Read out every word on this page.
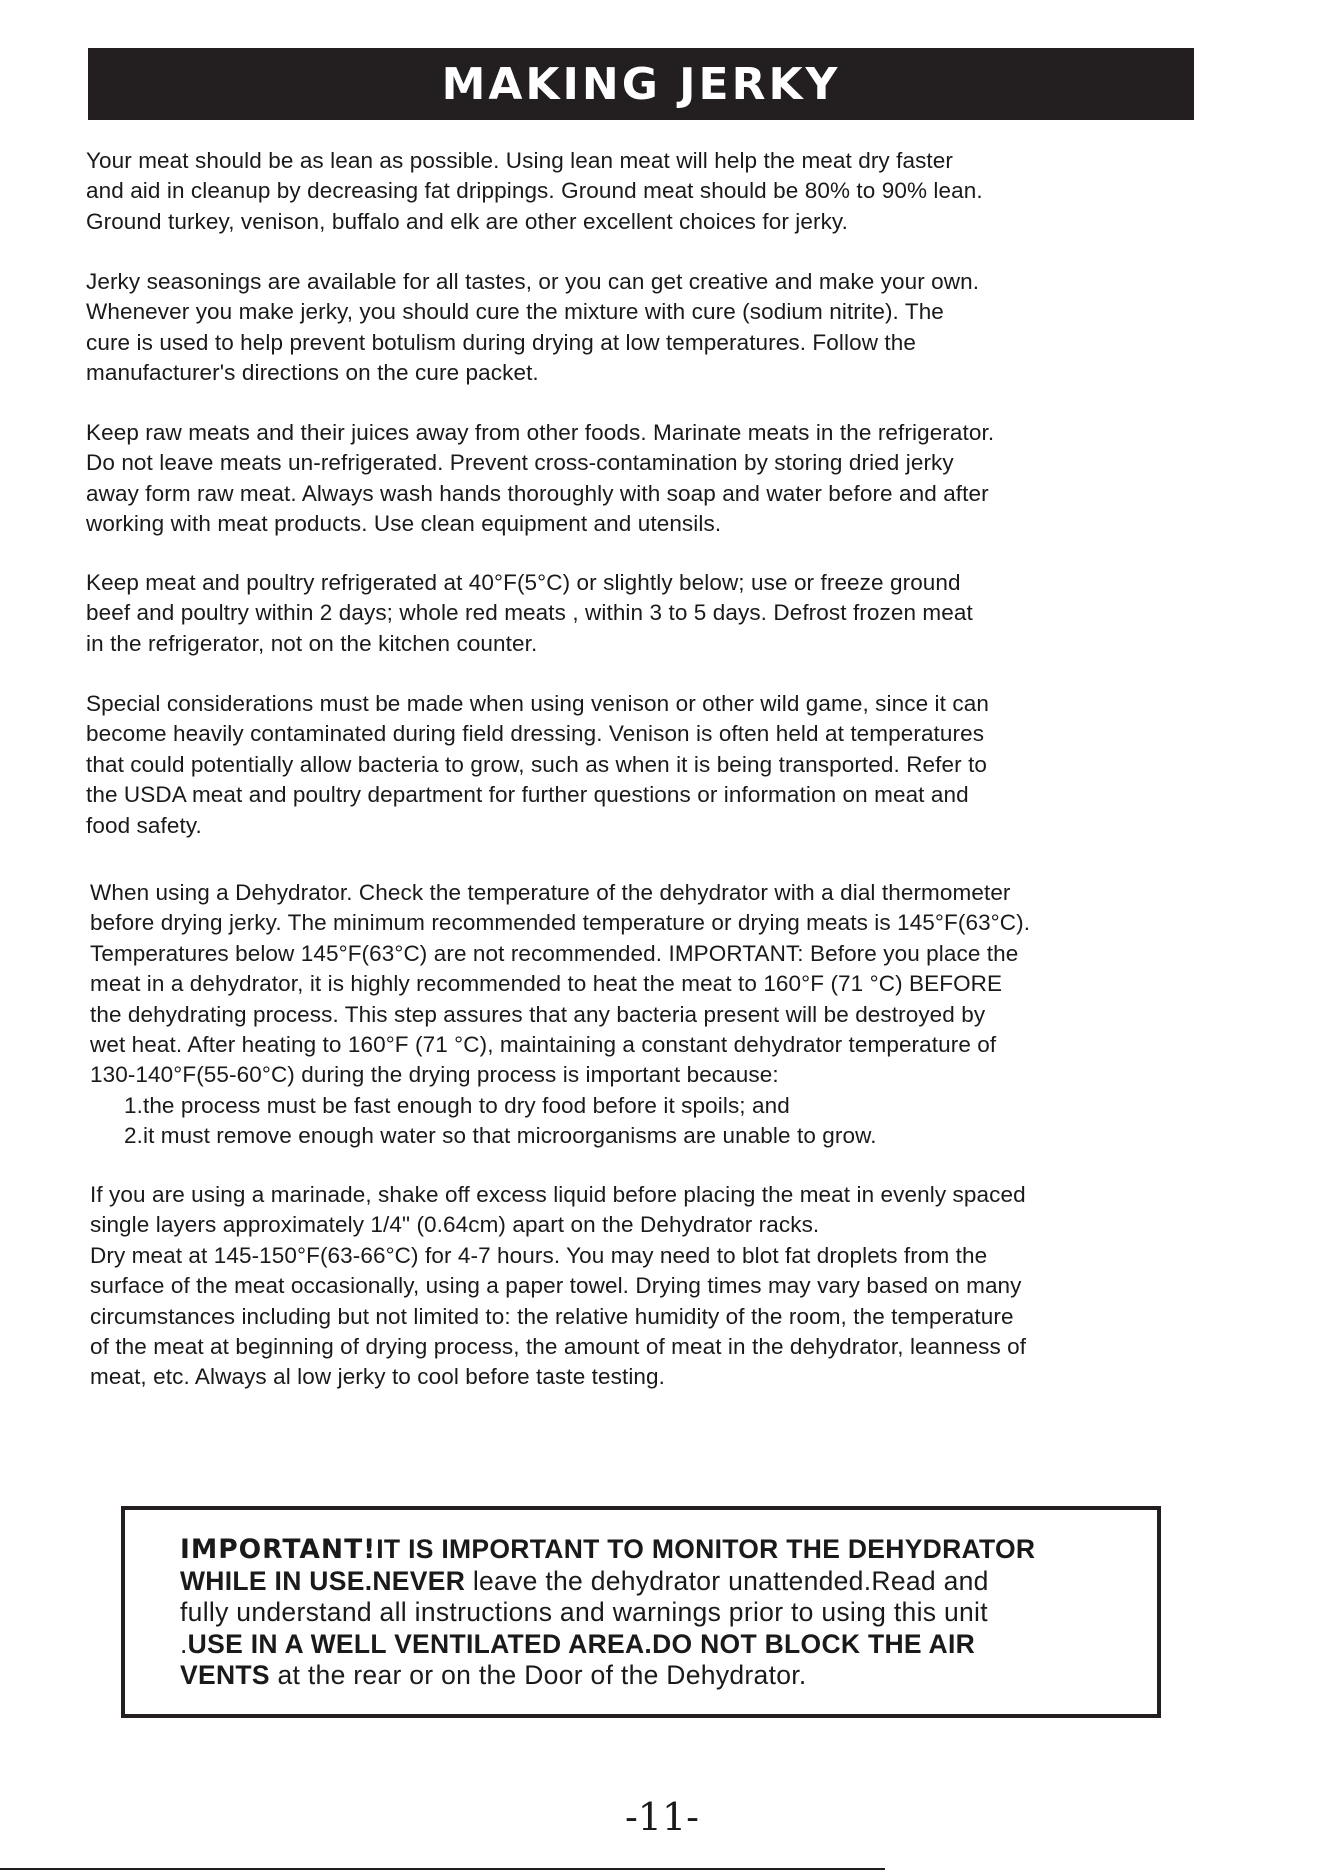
MAKING JERKY

Your meat should be as lean as possible. Using lean meat will help the meat dry faster
and aid in cleanup by decreasing fat drippings. Ground meat should be 80% to 90% lean.
Ground turkey, venison, buffalo and elk are other excellent choices for jerky.

Jerky seasonings are available for all tastes, or you can get creative and make your own.
Whenever you make jerky, you should cure the mixture with cure (sodium nitrite). The
cure is used to help prevent botulism during drying at low temperatures. Follow the
manufacturer's directions on the cure packet.

Keep raw meats and their juices away from other foods. Marinate meats in the refrigerator.
Do not leave meats un-refrigerated. Prevent cross-contamination by storing dried jerky
away form raw meat. Always wash hands thoroughly with soap and water before and after
working with meat products. Use clean equipment and utensils.

Keep meat and poultry refrigerated at 40°F(5°C) or slightly below; use or freeze ground
beef and poultry within 2 days; whole red meats , within 3 to 5 days. Defrost frozen meat
in the refrigerator, not on the kitchen counter.

Special considerations must be made when using venison or other wild game, since it can
become heavily contaminated during field dressing. Venison is often held at temperatures
that could potentially allow bacteria to grow, such as when it is being transported. Refer to
the USDA meat and poultry department for further questions or information on meat and
food safety.

When using a Dehydrator. Check the temperature of the dehydrator with a dial thermometer
before drying jerky. The minimum recommended temperature or drying meats is 145°F(63°C).
Temperatures below 145°F(63°C) are not recommended. IMPORTANT: Before you place the
meat in a dehydrator, it is highly recommended to heat the meat to 160°F (71 °C) BEFORE
the dehydrating process. This step assures that any bacteria present will be destroyed by
wet heat. After heating to 160°F (71 °C), maintaining a constant dehydrator temperature of
130-140°F(55-60°C) during the drying process is important because:
1.the process must be fast enough to dry food before it spoils; and
2.it must remove enough water so that microorganisms are unable to grow.

If you are using a marinade, shake off excess liquid before placing the meat in evenly spaced
single layers approximately 1/4" (0.64cm) apart on the Dehydrator racks.
Dry meat at 145-150°F(63-66°C) for 4-7 hours. You may need to blot fat droplets from the
surface of the meat occasionally, using a paper towel. Drying times may vary based on many
circumstances including but not limited to: the relative humidity of the room, the temperature
of the meat at beginning of drying process, the amount of meat in the dehydrator, leanness of
meat, etc. Always al low jerky to cool before taste testing.

IMPORTANT!IT IS IMPORTANT TO MONITOR THE DEHYDRATOR
WHILE IN USE.NEVER leave the dehydrator unattended.Read and
fully understand all instructions and warnings prior to using this unit
.USE IN A WELL VENTILATED AREA.DO NOT BLOCK THE AIR
VENTS at the rear or on the Door of the Dehydrator.

-11-
